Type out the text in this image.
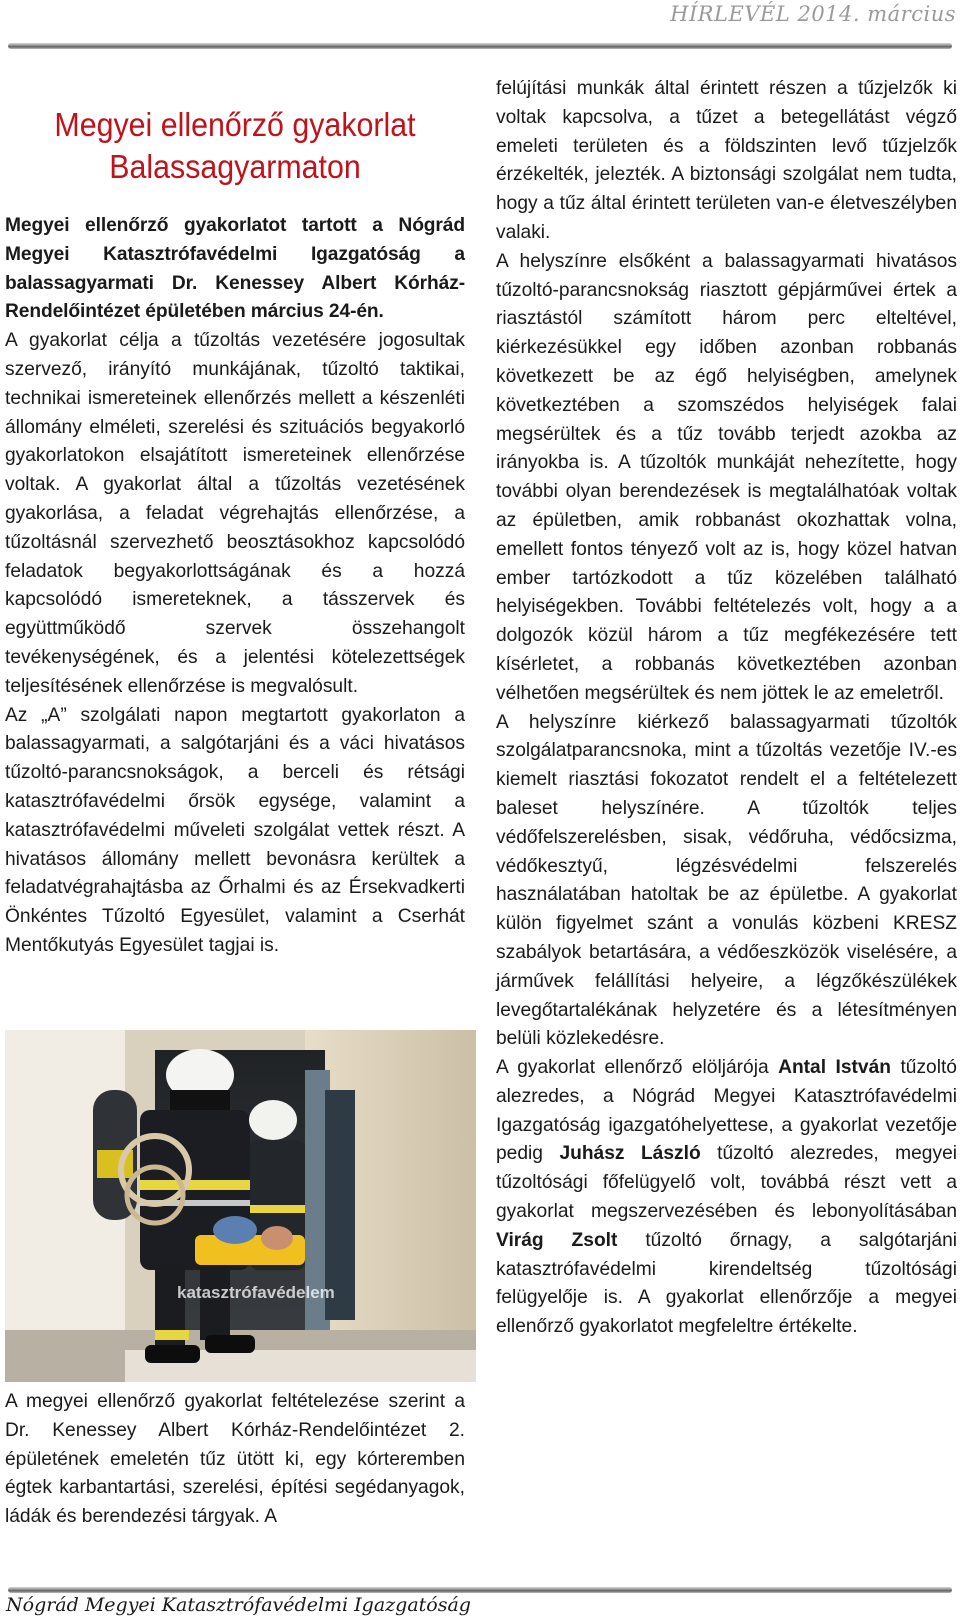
HÍRLEVÉL 2014. március
Megyei ellenőrző gyakorlat
Balassagyarmaton

Megyei ellenőrző gyakorlatot tartott a Nógrád Megyei Katasztrófavédelmi Igazgatóság a balassagyarmati Dr. Kenessey Albert Kórház-Rendelőintézet épületében március 24-én.

A gyakorlat célja a tűzoltás vezetésére jogosultak szervező, irányító munkájának, tűzoltó taktikai, technikai ismereteinek ellenőrzés mellett a készenléti állomány elméleti, szerelési és szituációs begyakorló gyakorlatokon elsajátított ismereteinek ellenőrzése voltak. A gyakorlat által a tűzoltás vezetésének gyakorlása, a feladat végrehajtás ellenőrzése, a tűzoltásnál szervezhető beosztásokhoz kapcsolódó feladatok begyakorlottságának és a hozzá kapcsolódó ismereteknek, a tásszervek és együttműködő szervek összehangolt tevékenységének, és a jelentési kötelezettségek teljesítésének ellenőrzése is megvalósult.

Az „A” szolgálati napon megtartott gyakorlaton a balassagyarmati, a salgótarjáni és a váci hivatásos tűzoltó-parancsnokságok, a berceli és rétsági katasztrófavédelmi őrsök egysége, valamint a katasztrófavédelmi műveleti szolgálat vettek részt. A hivatásos állomány mellett bevonásra kerültek a feladatvégrahajtásba az Őrhalmi és az Érsekvadkerti Önkéntes Tűzoltó Egyesület, valamint a Cserhát Mentőkutyás Egyesület tagjai is.

katasztrófavédelem
A megyei ellenőrző gyakorlat feltételezése szerint a Dr. Kenessey Albert Kórház-Rendelőintézet 2. épületének emeletén tűz ütött ki, egy kórteremben égtek karbantartási, szerelési, építési segédanyagok, ládák és berendezési tárgyak. A

felújítási munkák által érintett részen a tűzjelzők ki voltak kapcsolva, a tűzet a betegellátást végző emeleti területen és a földszinten levő tűzjelzők érzékelték, jelezték. A biztonsági szolgálat nem tudta, hogy a tűz által érintett területen van-e életveszélyben valaki.

A helyszínre elsőként a balassagyarmati hivatásos tűzoltó-parancsnokság riasztott gépjárművei értek a riasztástól számított három perc elteltével, kiérkezésükkel egy időben azonban robbanás következett be az égő helyiségben, amelynek következtében a szomszédos helyiségek falai megsérültek és a tűz tovább terjedt azokba az irányokba is. A tűzoltók munkáját nehezítette, hogy további olyan berendezések is megtalálhatóak voltak az épületben, amik robbanást okozhattak volna, emellett fontos tényező volt az is, hogy közel hatvan ember tartózkodott a tűz közelében található helyiségekben. További feltételezés volt, hogy a a dolgozók közül három a tűz megfékezésére tett kísérletet, a robbanás következtében azonban vélhetően megsérültek és nem jöttek le az emeletről.

A helyszínre kiérkező balassagyarmati tűzoltók szolgálatparancsnoka, mint a tűzoltás vezetője IV.-es kiemelt riasztási fokozatot rendelt el a feltételezett baleset helyszínére. A tűzoltók teljes védőfelszerelésben, sisak, védőruha, védőcsizma, védőkesztyű, légzésvédelmi felszerelés használatában hatoltak be az épületbe. A gyakorlat külön figyelmet szánt a vonulás közbeni KRESZ szabályok betartására, a védőeszközök viselésére, a járművek felállítási helyeire, a légzőkészülékek levegőtartalékának helyzetére és a létesítményen belüli közlekedésre.

A gyakorlat ellenőrző elöljárója Antal István tűzoltó alezredes, a Nógrád Megyei Katasztrófavédelmi Igazgatóság igazgatóhelyettese, a gyakorlat vezetője pedig Juhász László tűzoltó alezredes, megyei tűzoltósági főfelügyelő volt, továbbá részt vett a gyakorlat megszervezésében és lebonyolításában Virág Zsolt tűzoltó őrnagy, a salgótarjáni katasztrófavédelmi kirendeltség tűzoltósági felügyelője is. A gyakorlat ellenőrzője a megyei ellenőrző gyakorlatot megfeleltre értékelte.

Nógrád Megyei Katasztrófavédelmi Igazgatóság
